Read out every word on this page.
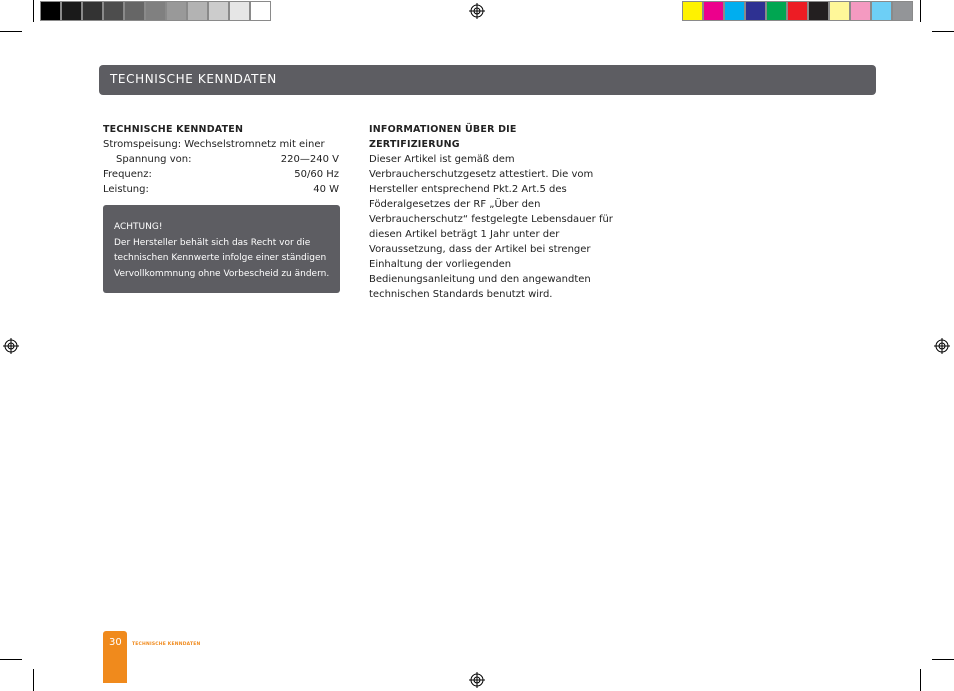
TECHNISCHE KENNDATEN
TECHNISCHE KENNDATEN
Stromspeisung: Wechselstromnetz mit einer
Spannung von:	220—240 V
Frequenz:	50/60 Hz
Leistung:	40 W
ACHTUNG!
Der Hersteller behält sich das Recht vor die
technischen Kennwerte infolge einer ständigen
Vervollkommnung ohne Vorbescheid zu ändern.
INFORMATIONEN ÜBER DIE ZERTIFIZIERUNG
Dieser Artikel ist gemäß dem
Verbraucherschutzgesetz attestiert. Die vom
Hersteller entsprechend Pkt.2 Art.5 des
Föderalgesetzes der RF „Über den
Verbraucherschutz“ festgelegte Lebensdauer für
diesen Artikel beträgt 1 Jahr unter der
Voraussetzung, dass der Artikel bei strenger
Einhaltung der vorliegenden
Bedienungsanleitung und den angewandten
technischen Standards benutzt wird.
30 TECHNISCHE KENNDATEN
